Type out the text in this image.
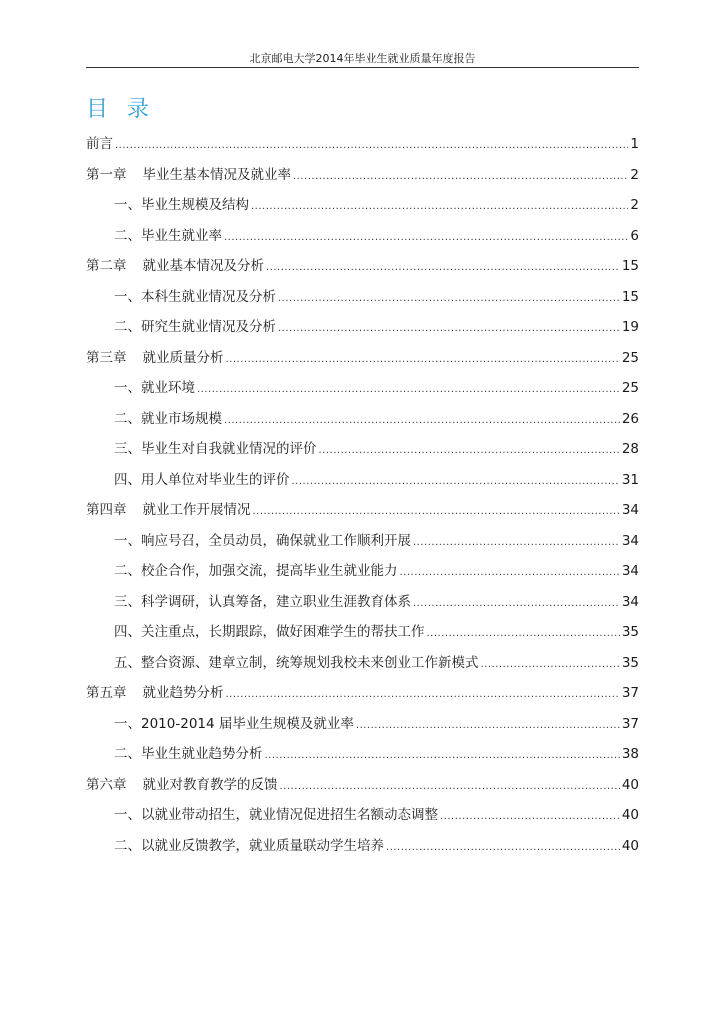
北京邮电大学2014年毕业生就业质量年度报告
目 录
前言 .....	1
第一章 毕业生基本情况及就业率 .....	2
一、毕业生规模及结构 .....	2
二、毕业生就业率 .....	6
第二章 就业基本情况及分析 .....	15
一、本科生就业情况及分析 .....	15
二、研究生就业情况及分析 .....	19
第三章 就业质量分析 .....	25
一、就业环境 .....	25
二、就业市场规模 .....	26
三、毕业生对自我就业情况的评价 .....	28
四、用人单位对毕业生的评价 .....	31
第四章 就业工作开展情况 .....	34
一、响应号召，全员动员，确保就业工作顺利开展 .....	34
二、校企合作，加强交流，提高毕业生就业能力 .....	34
三、科学调研，认真筹备，建立职业生涯教育体系 .....	34
四、关注重点，长期跟踪，做好困难学生的帮扶工作 .....	35
五、整合资源、建章立制，统筹规划我校未来创业工作新模式 .....	35
第五章 就业趋势分析 .....	37
一、2010-2014 届毕业生规模及就业率 .....	37
二、毕业生就业趋势分析 .....	38
第六章 就业对教育教学的反馈 .....	40
一、以就业带动招生，就业情况促进招生名额动态调整 .....	40
二、以就业反馈教学，就业质量联动学生培养 .....	40
